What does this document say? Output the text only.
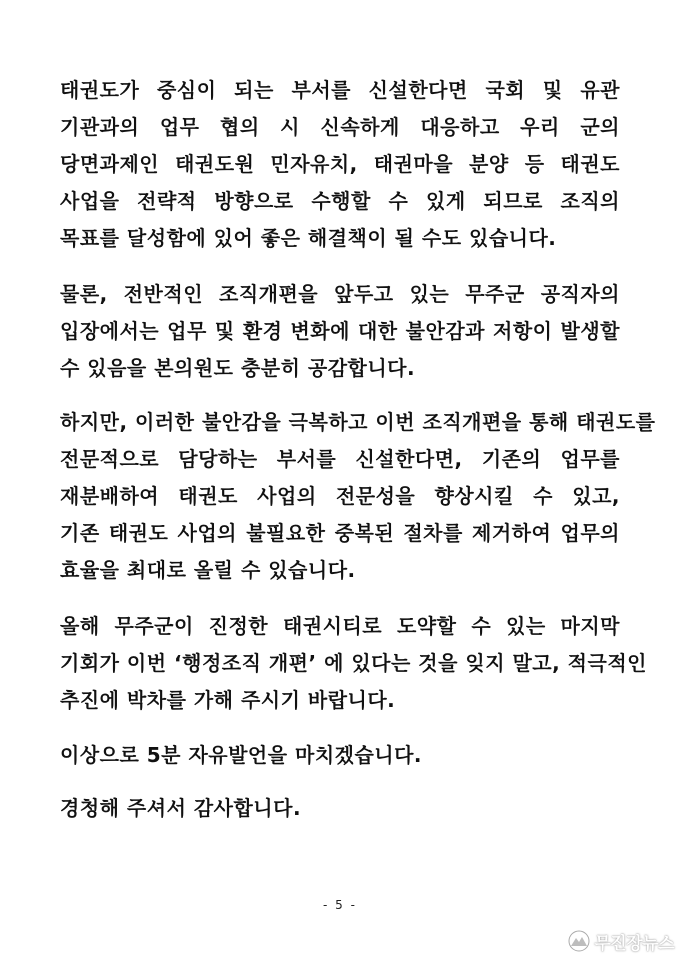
태권도가 중심이 되는 부서를 신설한다면 국회 및 유관
기관과의 업무 협의 시 신속하게 대응하고 우리 군의
당면과제인 태권도원 민자유치, 태권마을 분양 등 태권도
사업을 전략적 방향으로 수행할 수 있게 되므로 조직의
목표를 달성함에 있어 좋은 해결책이 될 수도 있습니다.

물론, 전반적인 조직개편을 앞두고 있는 무주군 공직자의
입장에서는 업무 및 환경 변화에 대한 불안감과 저항이 발생할
수 있음을 본의원도 충분히 공감합니다.

하지만, 이러한 불안감을 극복하고 이번 조직개편을 통해 태권도를
전문적으로 담당하는 부서를 신설한다면, 기존의 업무를
재분배하여 태권도 사업의 전문성을 향상시킬 수 있고,
기존 태권도 사업의 불필요한 중복된 절차를 제거하여 업무의
효율을 최대로 올릴 수 있습니다.

올해 무주군이 진정한 태권시티로 도약할 수 있는 마지막
기회가 이번 ‘행정조직 개편’ 에 있다는 것을 잊지 말고, 적극적인
추진에 박차를 가해 주시기 바랍니다.

이상으로 5분 자유발언을 마치겠습니다.

경청해 주셔서 감사합니다.

- 5 -
무진장뉴스
